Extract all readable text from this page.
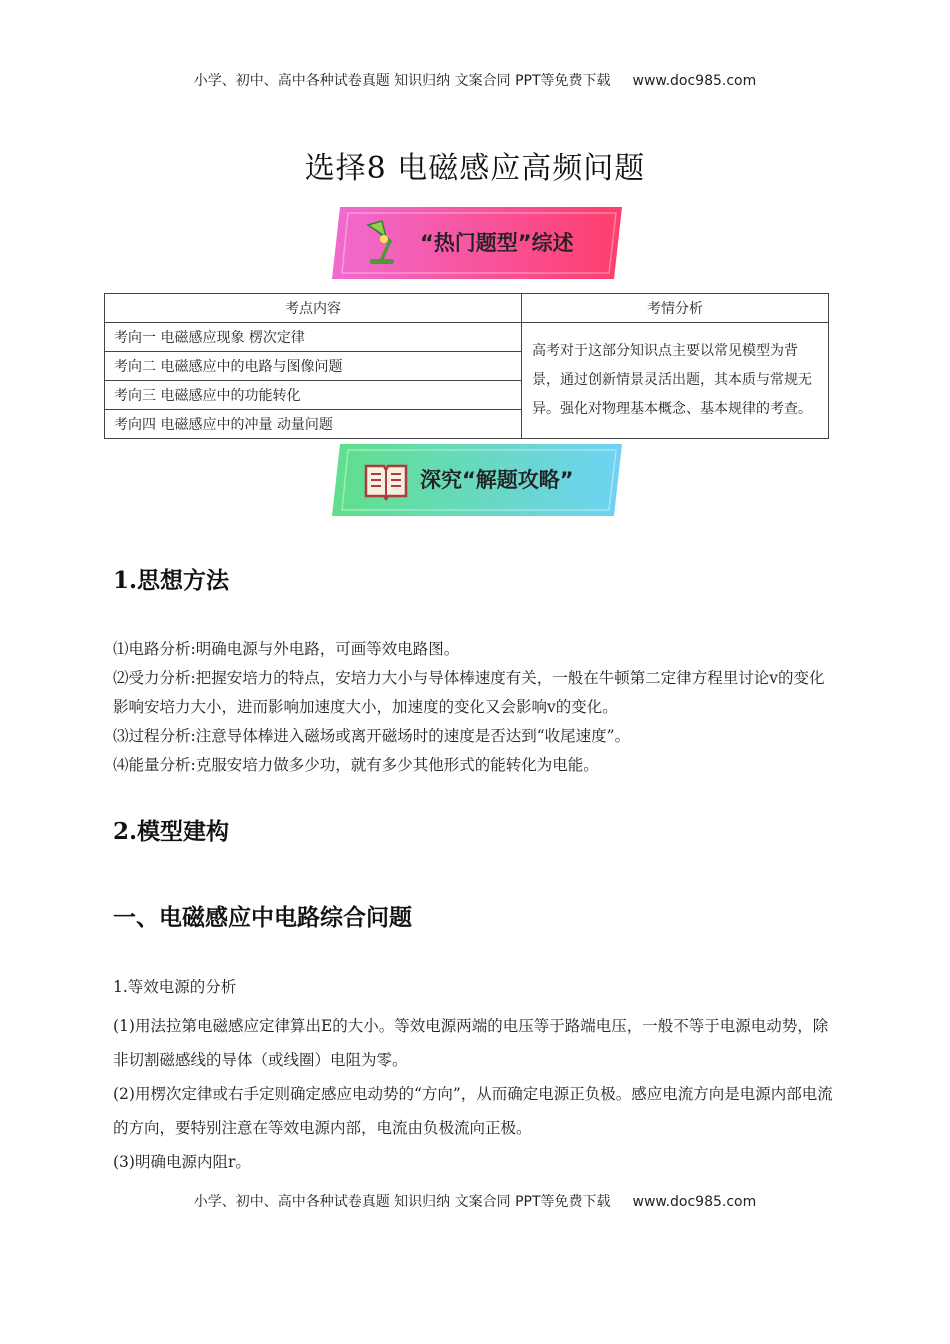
小学、初中、高中各种试卷真题 知识归纳 文案合同 PPT等免费下载 www.doc985.com
选择8 电磁感应高频问题
“热门题型”综述
考点内容	考情分析
考向一 电磁感应现象 楞次定律	高考对于这部分知识点主要以常见模型为背景，通过创新情景灵活出题，其本质与常规无异。强化对物理基本概念、基本规律的考查。
考向二 电磁感应中的电路与图像问题	
考向三 电磁感应中的功能转化	
考向四 电磁感应中的冲量 动量问题	
深究“解题攻略”
1.思想方法
⑴电路分析:明确电源与外电路，可画等效电路图。
⑵受力分析:把握安培力的特点，安培力大小与导体棒速度有关，一般在牛顿第二定律方程里讨论v的变化影响安培力大小，进而影响加速度大小，加速度的变化又会影响v的变化。
⑶过程分析:注意导体棒进入磁场或离开磁场时的速度是否达到“收尾速度”。
⑷能量分析:克服安培力做多少功，就有多少其他形式的能转化为电能。
2.模型建构
一、电磁感应中电路综合问题
1.等效电源的分析
(1)用法拉第电磁感应定律算出E的大小。等效电源两端的电压等于路端电压，一般不等于电源电动势，除非切割磁感线的导体（或线圈）电阻为零。
(2)用楞次定律或右手定则确定感应电动势的“方向”，从而确定电源正负极。感应电流方向是电源内部电流的方向，要特别注意在等效电源内部，电流由负极流向正极。
(3)明确电源内阻r。
小学、初中、高中各种试卷真题 知识归纳 文案合同 PPT等免费下载 www.doc985.com
